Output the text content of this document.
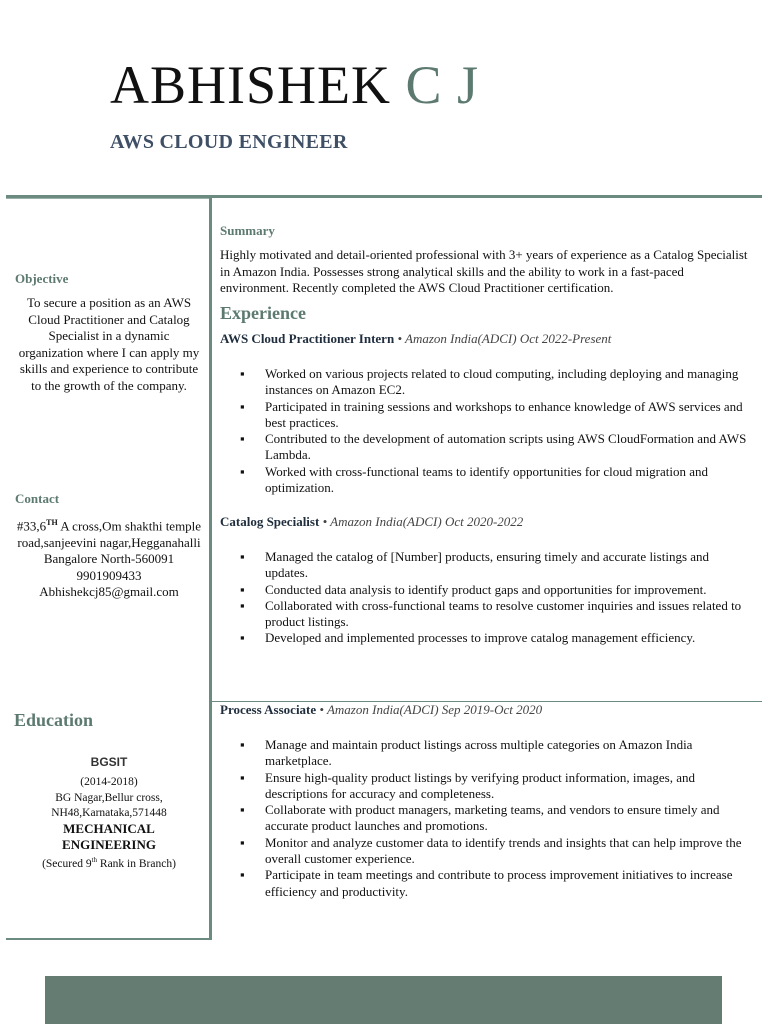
ABHISHEK C J
AWS CLOUD ENGINEER
Objective
To secure a position as an AWS Cloud Practitioner and Catalog Specialist in a dynamic organization where I can apply my skills and experience to contribute to the growth of the company.
Contact
#33,6TH A cross,Om shakthi temple road,sanjeevini nagar,Hegganahalli Bangalore North-560091
9901909433
Abhishekcj85@gmail.com
Education
BGSIT
(2014-2018)
BG Nagar,Bellur cross, NH48,Karnataka,571448
MECHANICAL ENGINEERING
(Secured 9th Rank in Branch)
Summary
Highly motivated and detail-oriented professional with 3+ years of experience as a Catalog Specialist in Amazon India. Possesses strong analytical skills and the ability to work in a fast-paced environment. Recently completed the AWS Cloud Practitioner certification.
Experience
AWS Cloud Practitioner Intern • Amazon India(ADCI) Oct 2022-Present
▪ Worked on various projects related to cloud computing, including deploying and managing instances on Amazon EC2.
▪ Participated in training sessions and workshops to enhance knowledge of AWS services and best practices.
▪ Contributed to the development of automation scripts using AWS CloudFormation and AWS Lambda.
▪ Worked with cross-functional teams to identify opportunities for cloud migration and optimization.
Catalog Specialist • Amazon India(ADCI) Oct 2020-2022
▪ Managed the catalog of [Number] products, ensuring timely and accurate listings and updates.
▪ Conducted data analysis to identify product gaps and opportunities for improvement.
▪ Collaborated with cross-functional teams to resolve customer inquiries and issues related to product listings.
▪ Developed and implemented processes to improve catalog management efficiency.
Process Associate • Amazon India(ADCI) Sep 2019-Oct 2020
▪ Manage and maintain product listings across multiple categories on Amazon India marketplace.
▪ Ensure high-quality product listings by verifying product information, images, and descriptions for accuracy and completeness.
▪ Collaborate with product managers, marketing teams, and vendors to ensure timely and accurate product launches and promotions.
▪ Monitor and analyze customer data to identify trends and insights that can help improve the overall customer experience.
▪ Participate in team meetings and contribute to process improvement initiatives to increase efficiency and productivity.
